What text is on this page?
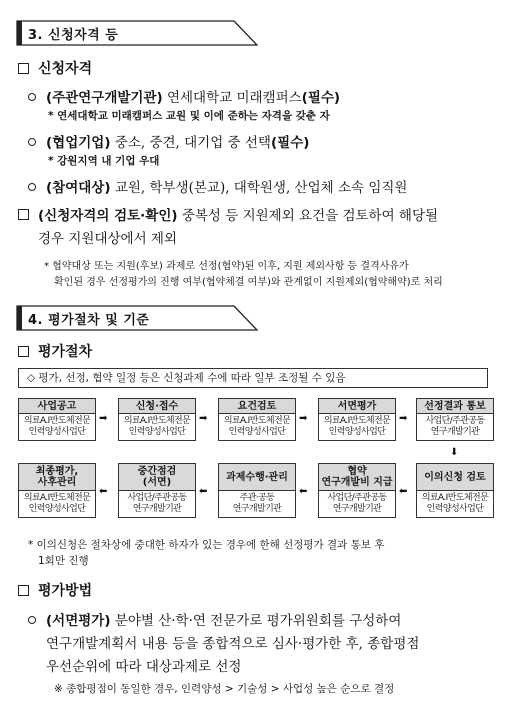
3. 신청자격 등
신청자격
(주관연구개발기관) 연세대학교 미래캠퍼스(필수)
* 연세대학교 미래캠퍼스 교원 및 이에 준하는 자격을 갖춘 자
(협업기업) 중소, 중견, 대기업 중 선택(필수)
* 강원지역 내 기업 우대
(참여대상) 교원, 학부생(본교), 대학원생, 산업체 소속 임직원
(신청자격의 검토·확인) 중복성 등 지원제외 요건을 검토하여 해당될
경우 지원대상에서 제외
* 협약대상 또는 지원(후보) 과제로 선정(협약)된 이후, 지원 제외사항 등 결격사유가
확인된 경우 선정평가의 진행 여부(협약체결 여부)와 관계없이 지원제외(협약해약)로 처리
4. 평가절차 및 기준
평가절차
◇ 평가, 선정, 협약 일정 등은 신청과제 수에 따라 일부 조정될 수 있음
* 이의신청은 절차상에 중대한 하자가 있는 경우에 한해 선정평가 결과 통보 후
1회만 진행
평가방법
(서면평가) 분야별 산·학·연 전문가로 평가위원회를 구성하여
연구개발계획서 내용 등을 종합적으로 심사·평가한 후, 종합평점
우선순위에 따라 대상과제로 선정
※ 종합평점이 동일한 경우, 인력양성 > 기술성 > 사업성 높은 순으로 결정
사업공고
의료A.I반도체전문
인력양성사업단
신청·접수
의료A.I반도체전문
인력양성사업단
요건검토
의료A.I반도체전문
인력양성사업단
서면평가
의료A.I반도체전문
인력양성사업단
선정결과 통보
사업단/주관공동
연구개발기관
➡	➡	➡	➡
⬇
최종평가,
사후관리
의료A.I반도체전문
인력양성사업단
중간점검
(서면)
사업단/주관공동
연구개발기관
과제수행·관리
주관·공동
연구개발기관
협약
연구개발비 지급
사업단/주관공동
연구개발기관
이의신청 검토
의료A.I반도체전문
인력양성사업단
⬅	⬅	⬅	⬅
